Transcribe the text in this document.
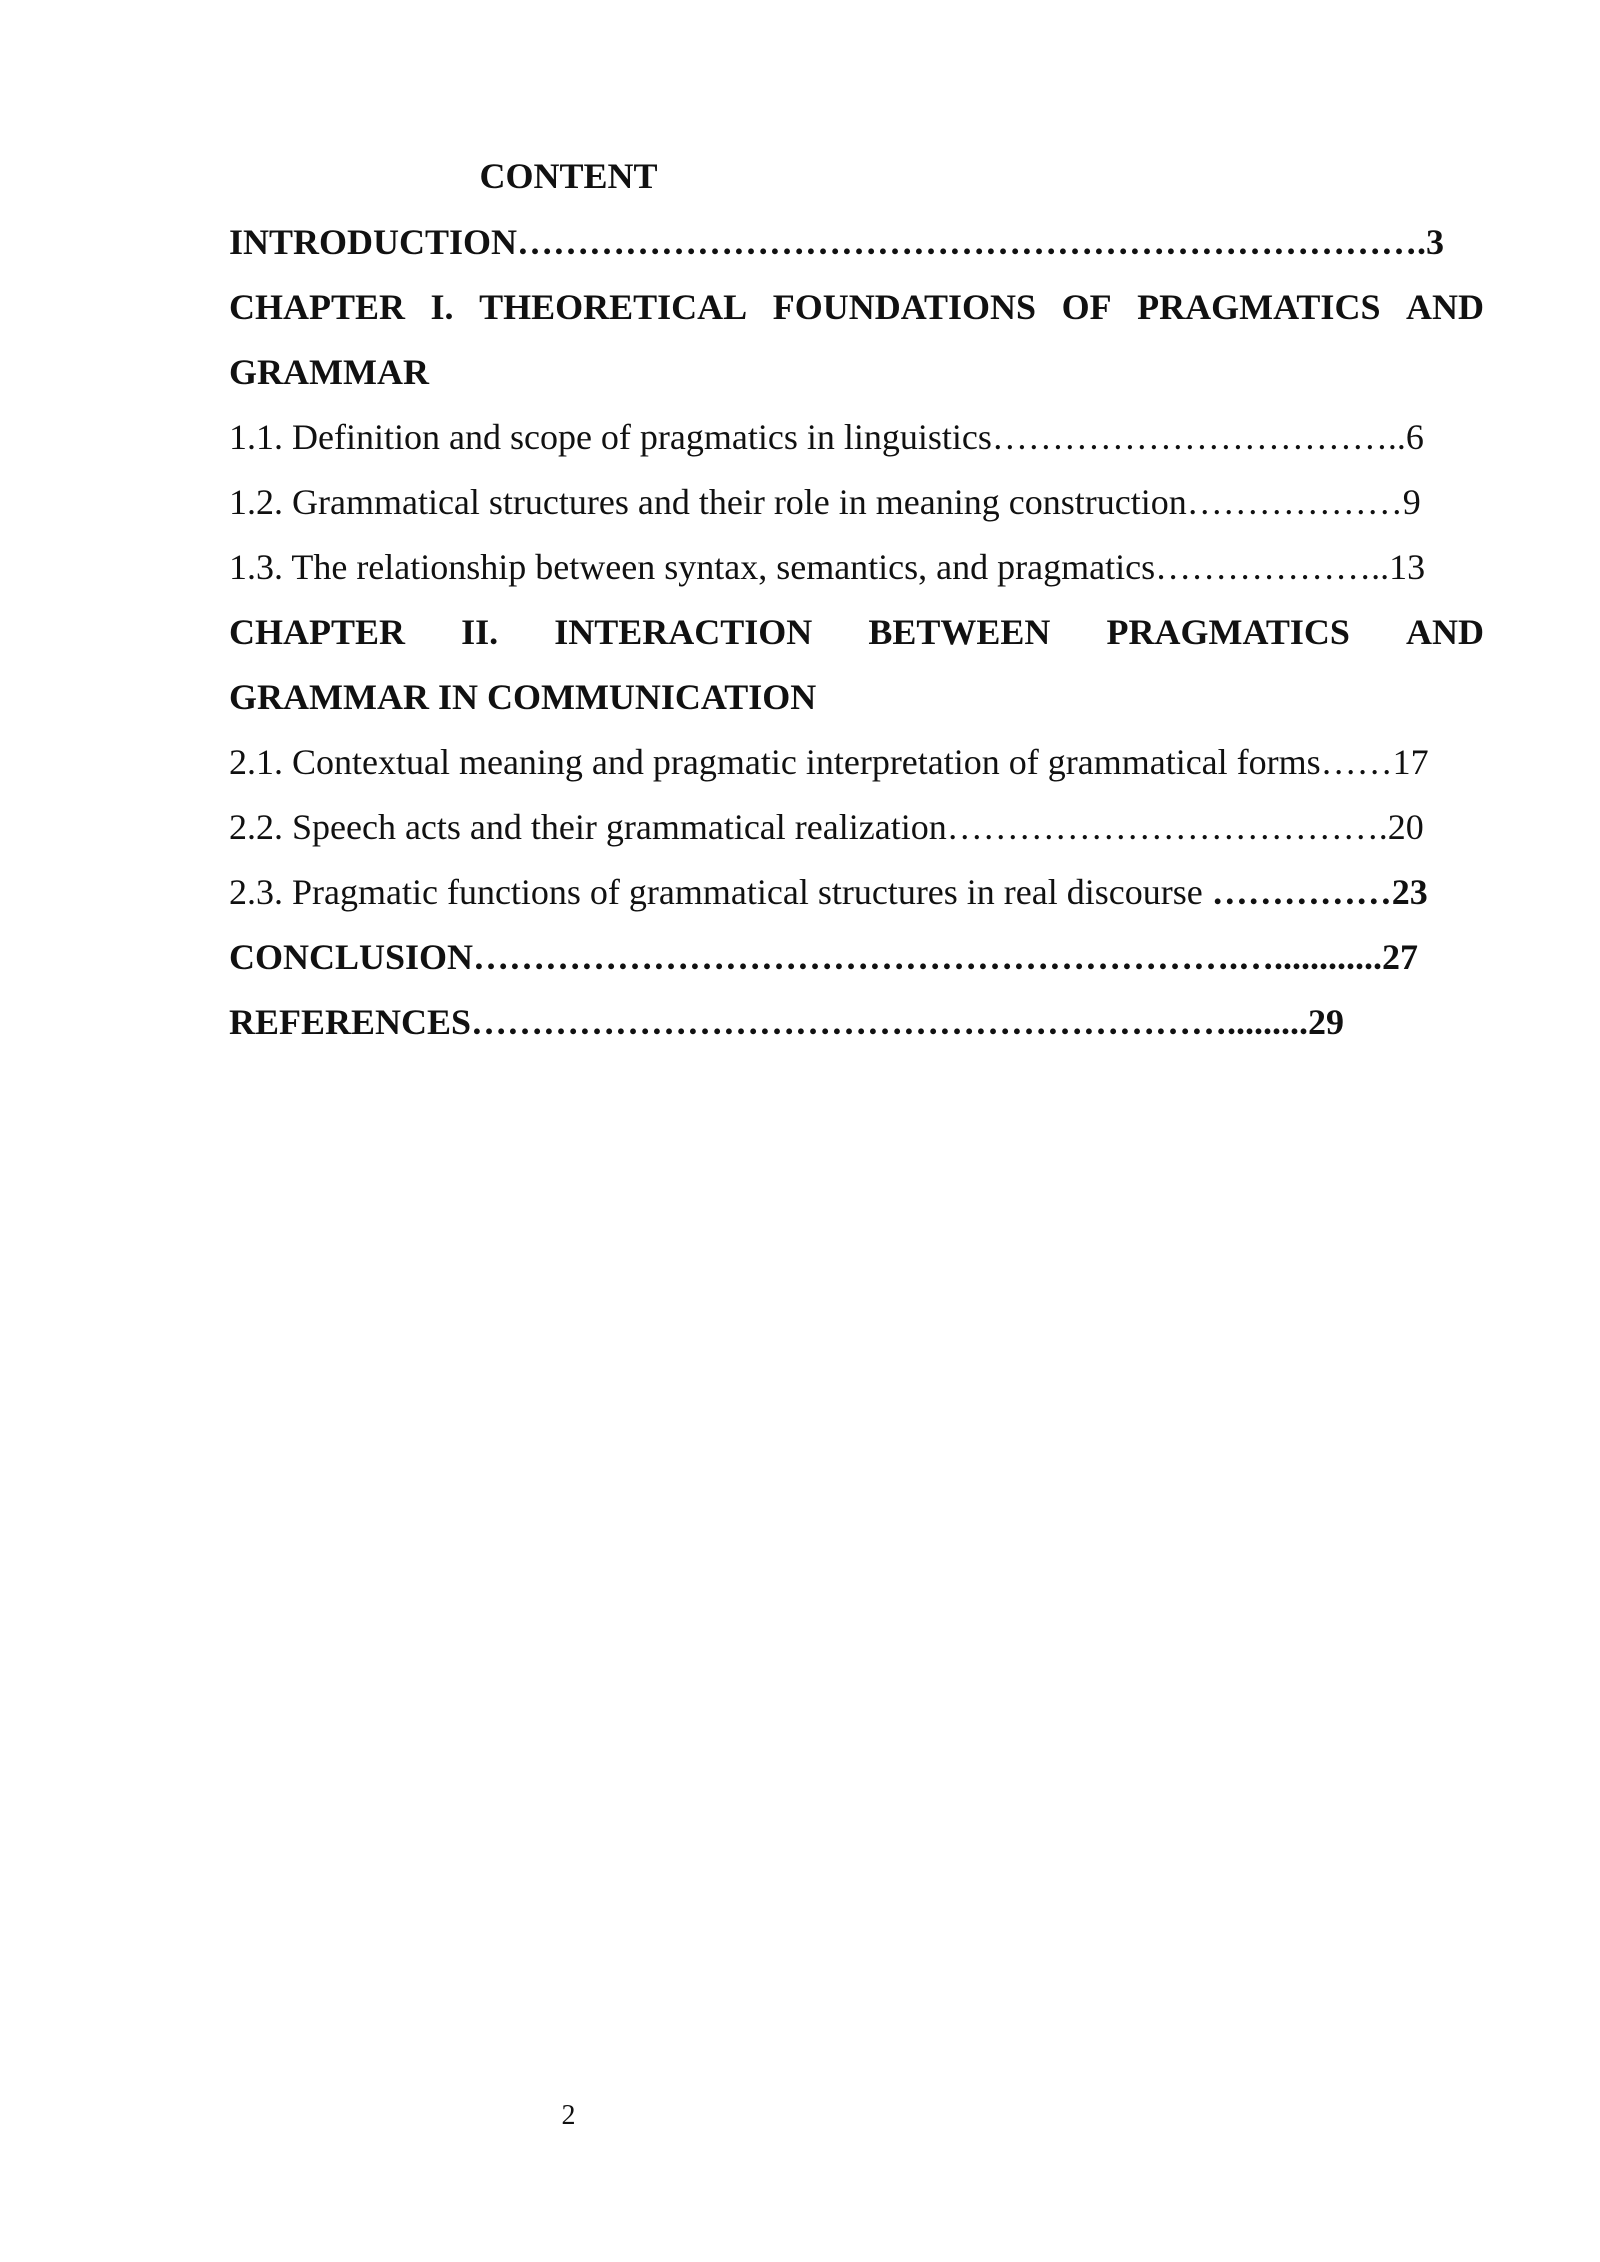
CONTENT
INTRODUCTION………………………………………………………………….3
CHAPTER I. THEORETICAL FOUNDATIONS OF PRAGMATICS AND
GRAMMAR
1.1. Definition and scope of pragmatics in linguistics……………………………..6
1.2. Grammatical structures and their role in meaning construction………………9
1.3. The relationship between syntax, semantics, and pragmatics………………..13
CHAPTER II. INTERACTION BETWEEN PRAGMATICS AND
GRAMMAR IN COMMUNICATION
2.1. Contextual meaning and pragmatic interpretation of grammatical forms……17
2.2. Speech acts and their grammatical realization……………………………….20
2.3. Pragmatic functions of grammatical structures in real discourse ……………23
CONCLUSION……………………………………………………….…............27
REFERENCES……………………………………………………….........29
2
